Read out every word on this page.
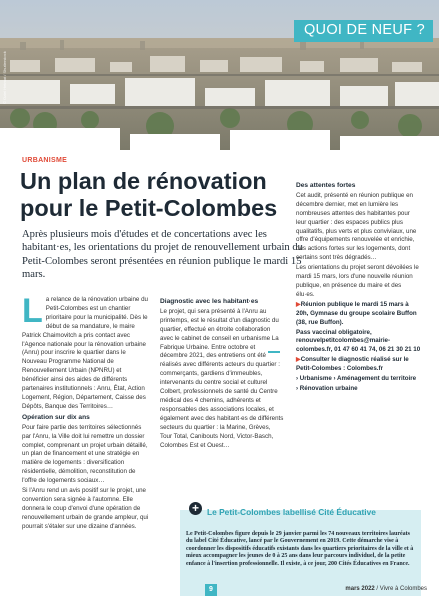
QUOI DE NEUF ?
© Oziel Hetmat / Shutterstock
URBANISME
Un plan de rénovation pour le Petit-Colombes

Après plusieurs mois d'études et de concertations avec les habitant·es, les orientations du projet de renouvellement urbain du Petit-Colombes seront présentées en réunion publique le mardi 15 mars.

La relance de la rénovation urbaine du Petit-Colombes est un chantier prioritaire pour la municipalité. Dès le début de sa mandature, le maire Patrick Chaimovitch a pris contact avec l'Agence nationale pour la rénovation urbaine (Anru) pour inscrire le quartier dans le Nouveau Programme National de Renouvellement Urbain (NPNRU) et bénéficier ainsi des aides de différents partenaires institutionnels : Anru, État, Action Logement, Région, Département, Caisse des Dépôts, Banque des Territoires…

Opération sur dix ans

Pour faire partie des territoires sélectionnés par l'Anru, la Ville doit lui remettre un dossier complet, comprenant un projet urbain détaillé, un plan de financement et une stratégie en matière de logements : diversification résidentielle, démolition, reconstitution de l'offre de logements sociaux…

Si l'Anru rend un avis positif sur le projet, une convention sera signée à l'automne. Elle donnera le coup d'envoi d'une opération de renouvellement urbain de grande ampleur, qui pourrait s'étaler sur une dizaine d'années.

Diagnostic avec les habitant·es

Le projet, qui sera présenté à l'Anru au printemps, est le résultat d'un diagnostic du quartier, effectué en étroite collaboration avec le cabinet de conseil en urbanisme La Fabrique Urbaine. Entre octobre et décembre 2021, des entretiens ont été réalisés avec différents acteurs du quartier : commerçants, gardiens d'immeubles, intervenants du centre social et culturel Colbert, professionnels de santé du Centre médical des 4 chemins, adhérents et responsables des associations locales, et également avec des habitant·es de différents secteurs du quartier : la Marine, Grèves, Tour Total, Canibouts Nord, Victor-Basch, Colombes Est et Ouest…

Des attentes fortes

Cet audit, présenté en réunion publique en décembre dernier, met en lumière les nombreuses attentes des habitantes pour leur quartier : des espaces publics plus qualitatifs, plus verts et plus conviviaux, une offre d'équipements renouvelée et enrichie, des actions fortes sur les logements, dont certains sont très dégradés…

Les orientations du projet seront dévoilées le mardi 15 mars, lors d'une nouvelle réunion publique, en présence du maire et des élu·es.

▶Réunion publique le mardi 15 mars à 20h, Gymnase du groupe scolaire Buffon (38, rue Buffon).

Pass vaccinal obligatoire, renouvelpetitcolombes@mairie-colombes.fr, 01 47 60 41 74, 06 21 30 21 10

▶Consulter le diagnostic réalisé sur le Petit-Colombes : Colombes.fr

› Urbanisme › Aménagement du territoire

› Rénovation urbaine

+ Le Petit-Colombes labellisé Cité Éducative

Le Petit-Colombes figure depuis le 29 janvier parmi les 74 nouveaux territoires lauréats du label Cité Éducative, lancé par le Gouvernement en 2019. Cette démarche vise à coordonner les dispositifs éducatifs existants dans les quartiers prioritaires de la ville et à mieux accompagner les jeunes de 0 à 25 ans dans leur parcours individuel, de la petite enfance à l'insertion professionnelle. Il existe, à ce jour, 200 Cités Éducatives en France.

9	mars 2022 / Vivre à Colombes
